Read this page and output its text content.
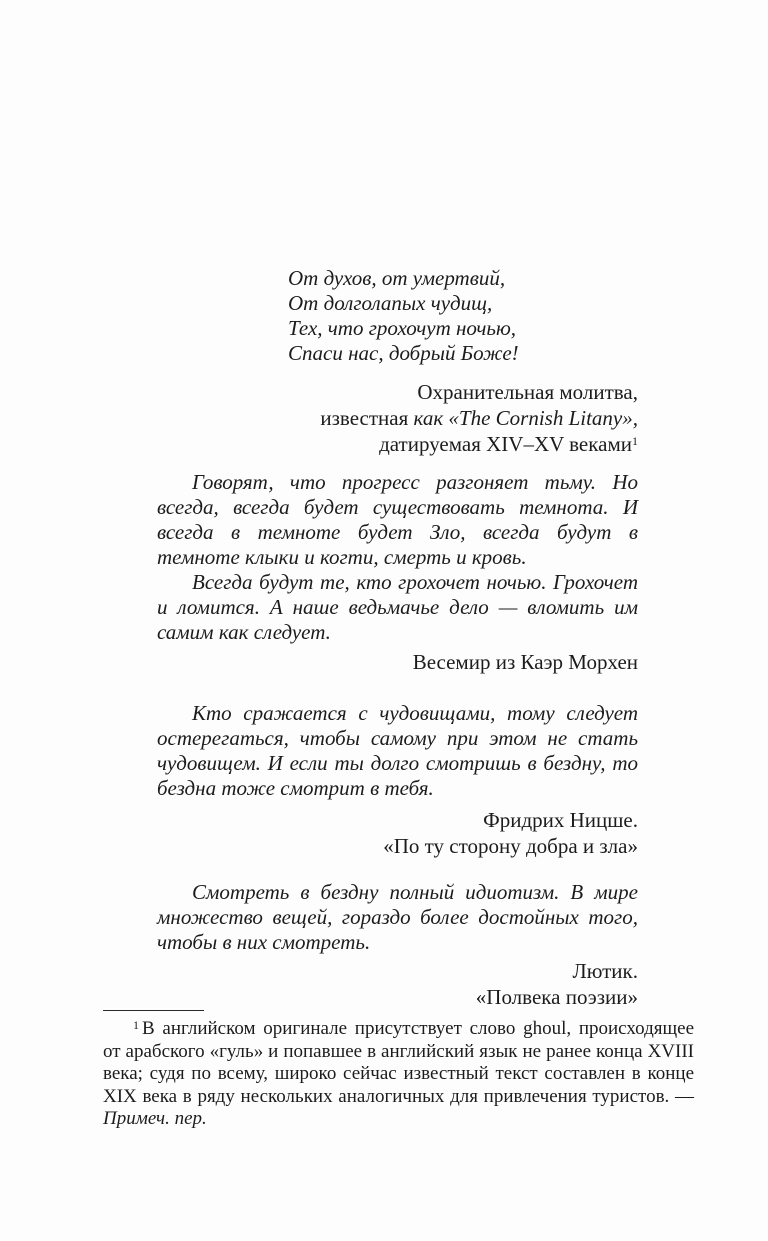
От духов, от умертвий,
От долголапых чудищ,
Тех, что грохочут ночью,
Спаси нас, добрый Боже!
Охранительная молитва,
известная как «The Cornish Litany»,
датируемая XIV–XV веками$^1$

Говорят, что прогресс разгоняет тьму. Но всегда, всегда будет существовать темнота. И всегда в темноте будет Зло, всегда будут в темноте клыки и когти, смерть и кровь.

Всегда будут те, кто грохочет ночью. Грохочет и ломится. А наше ведьмачье дело — вломить им самим как следует.

Весемир из Каэр Морхен

Кто сражается с чудовищами, тому следует остерегаться, чтобы самому при этом не стать чудовищем. И если ты долго смотришь в бездну, то бездна тоже смотрит в тебя.

Фридрих Ницше.
«По ту сторону добра и зла»

Смотреть в бездну полный идиотизм. В мире множество вещей, гораздо более достойных того, чтобы в них смотреть.

Лютик.
«Полвека поэзии»

$^1$ В английском оригинале присутствует слово ghoul, происходящее от арабского «гуль» и попавшее в английский язык не ранее конца XVIII века; судя по всему, широко сейчас известный текст составлен в конце XIX века в ряду нескольких аналогичных для привлечения туристов. — Примеч. пер.
